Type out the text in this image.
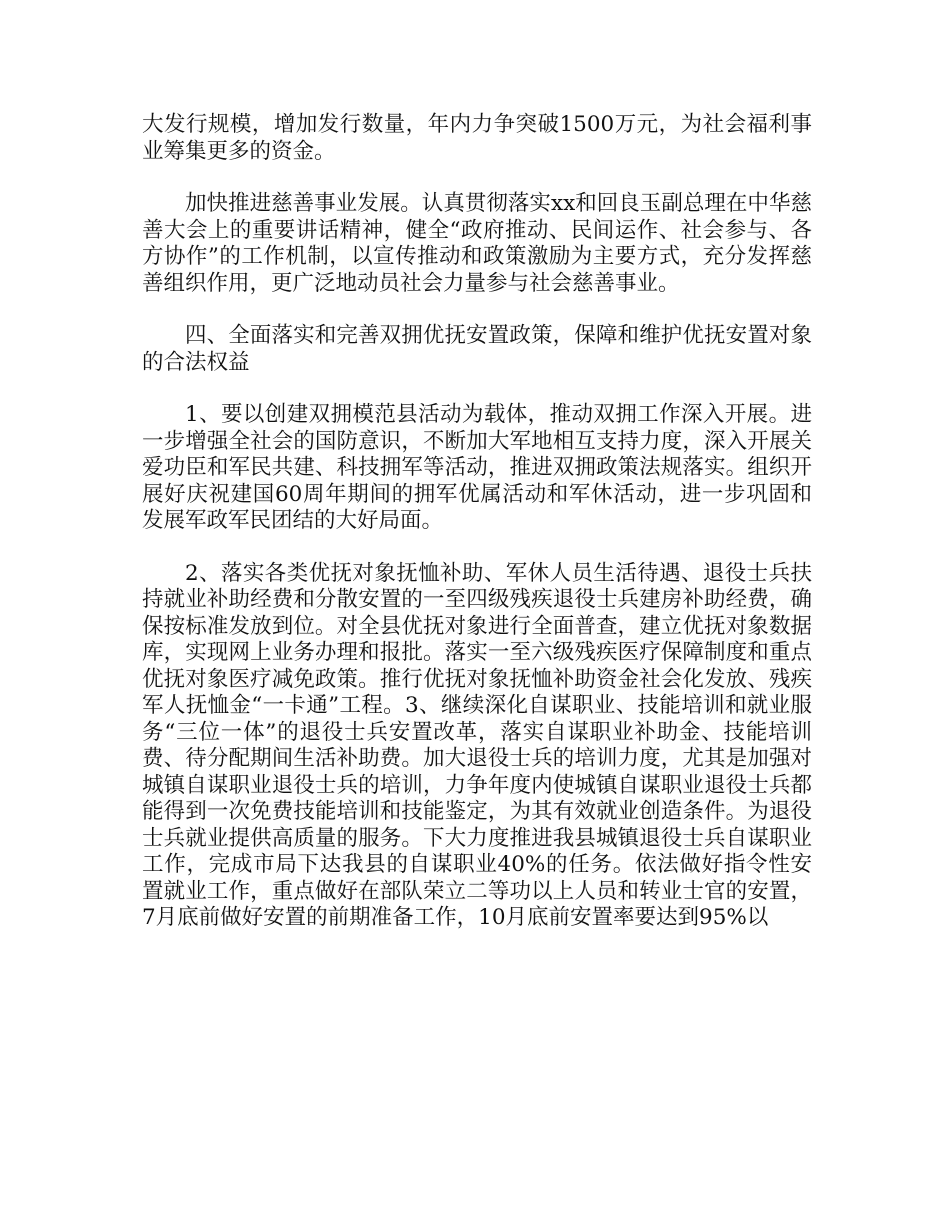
大发行规模，增加发行数量，年内力争突破1500万元，为社会福利事业筹集更多的资金。

加快推进慈善事业发展。认真贯彻落实xx和回良玉副总理在中华慈善大会上的重要讲话精神，健全“政府推动、民间运作、社会参与、各方协作”的工作机制，以宣传推动和政策激励为主要方式，充分发挥慈善组织作用，更广泛地动员社会力量参与社会慈善事业。

四、全面落实和完善双拥优抚安置政策，保障和维护优抚安置对象的合法权益

1、要以创建双拥模范县活动为载体，推动双拥工作深入开展。进一步增强全社会的国防意识，不断加大军地相互支持力度，深入开展关爱功臣和军民共建、科技拥军等活动，推进双拥政策法规落实。组织开展好庆祝建国60周年期间的拥军优属活动和军休活动，进一步巩固和发展军政军民团结的大好局面。

2、落实各类优抚对象抚恤补助、军休人员生活待遇、退役士兵扶持就业补助经费和分散安置的一至四级残疾退役士兵建房补助经费，确保按标准发放到位。对全县优抚对象进行全面普查，建立优抚对象数据库，实现网上业务办理和报批。落实一至六级残疾医疗保障制度和重点优抚对象医疗减免政策。推行优抚对象抚恤补助资金社会化发放、残疾军人抚恤金“一卡通”工程。3、继续深化自谋职业、技能培训和就业服务“三位一体”的退役士兵安置改革，落实自谋职业补助金、技能培训费、待分配期间生活补助费。加大退役士兵的培训力度，尤其是加强对城镇自谋职业退役士兵的培训，力争年度内使城镇自谋职业退役士兵都能得到一次免费技能培训和技能鉴定，为其有效就业创造条件。为退役士兵就业提供高质量的服务。下大力度推进我县城镇退役士兵自谋职业工作，完成市局下达我县的自谋职业40%的任务。依法做好指令性安置就业工作，重点做好在部队荣立二等功以上人员和转业士官的安置，7月底前做好安置的前期准备工作，10月底前安置率要达到95%以
